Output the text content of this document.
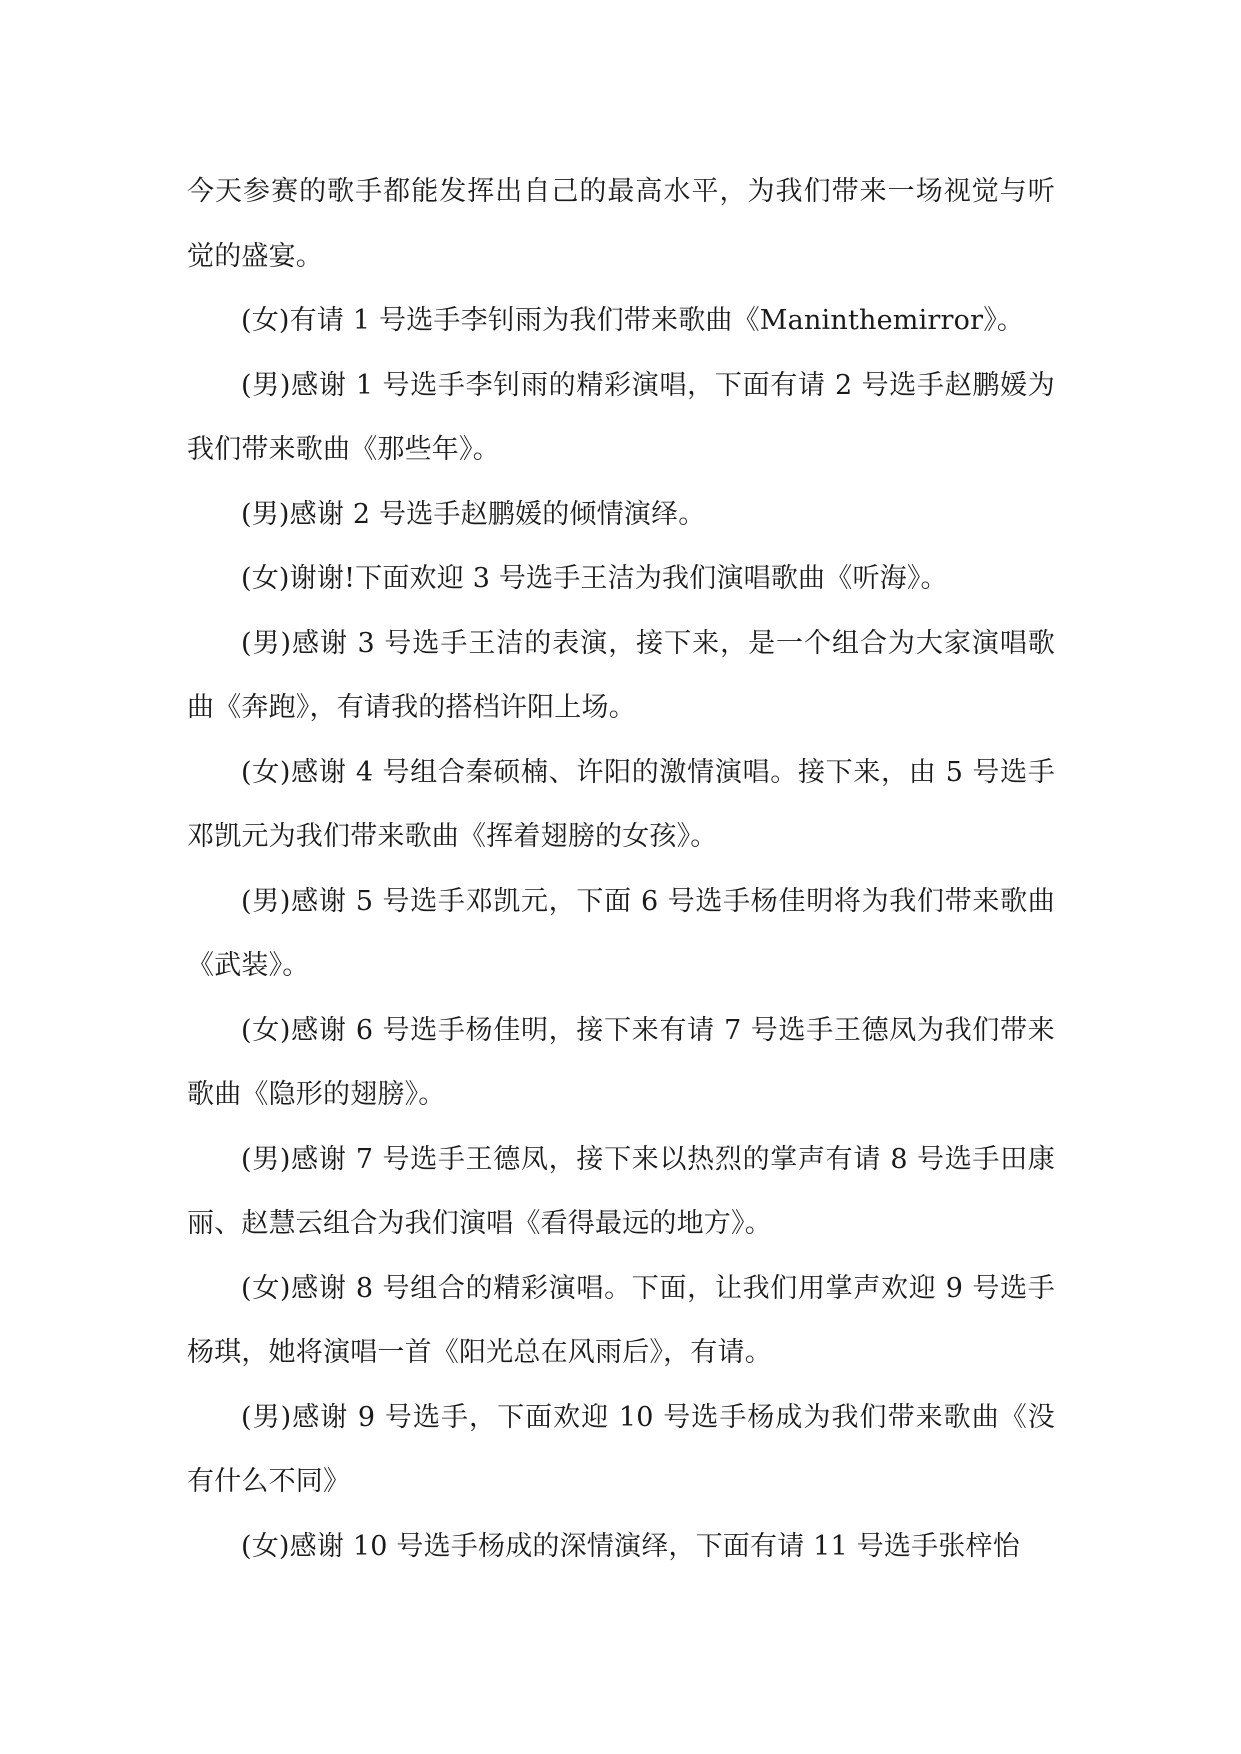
今天参赛的歌手都能发挥出自己的最高水平，为我们带来一场视觉与听觉的盛宴。

(女)有请 1 号选手李钊雨为我们带来歌曲《Maninthemirror》。

(男)感谢 1 号选手李钊雨的精彩演唱，下面有请 2 号选手赵鹏媛为我们带来歌曲《那些年》。

(男)感谢 2 号选手赵鹏媛的倾情演绎。

(女)谢谢!下面欢迎 3 号选手王洁为我们演唱歌曲《听海》。

(男)感谢 3 号选手王洁的表演，接下来，是一个组合为大家演唱歌曲《奔跑》，有请我的搭档许阳上场。

(女)感谢 4 号组合秦硕楠、许阳的激情演唱。接下来，由 5 号选手邓凯元为我们带来歌曲《挥着翅膀的女孩》。

(男)感谢 5 号选手邓凯元，下面 6 号选手杨佳明将为我们带来歌曲《武装》。

(女)感谢 6 号选手杨佳明，接下来有请 7 号选手王德凤为我们带来歌曲《隐形的翅膀》。

(男)感谢 7 号选手王德凤，接下来以热烈的掌声有请 8 号选手田康丽、赵慧云组合为我们演唱《看得最远的地方》。

(女)感谢 8 号组合的精彩演唱。下面，让我们用掌声欢迎 9 号选手杨琪，她将演唱一首《阳光总在风雨后》，有请。

(男)感谢 9 号选手，下面欢迎 10 号选手杨成为我们带来歌曲《没有什么不同》

(女)感谢 10 号选手杨成的深情演绎，下面有请 11 号选手张梓怡
